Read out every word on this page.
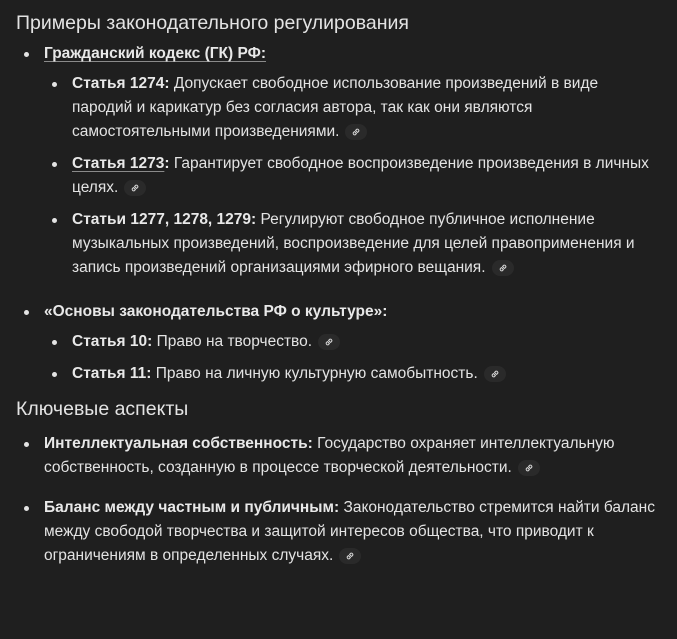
Примеры законодательного регулирования
Гражданский кодекс (ГК) РФ:
Статья 1274: Допускает свободное использование произведений в виде пародий и карикатур без согласия автора, так как они являются самостоятельными произведениями.
Статья 1273: Гарантирует свободное воспроизведение произведения в личных целях.
Статьи 1277, 1278, 1279: Регулируют свободное публичное исполнение музыкальных произведений, воспроизведение для целей правоприменения и запись произведений организациями эфирного вещания.
«Основы законодательства РФ о культуре»:
Статья 10: Право на творчество.
Статья 11: Право на личную культурную самобытность.
Ключевые аспекты
Интеллектуальная собственность: Государство охраняет интеллектуальную собственность, созданную в процессе творческой деятельности.
Баланс между частным и публичным: Законодательство стремится найти баланс между свободой творчества и защитой интересов общества, что приводит к ограничениям в определенных случаях.
